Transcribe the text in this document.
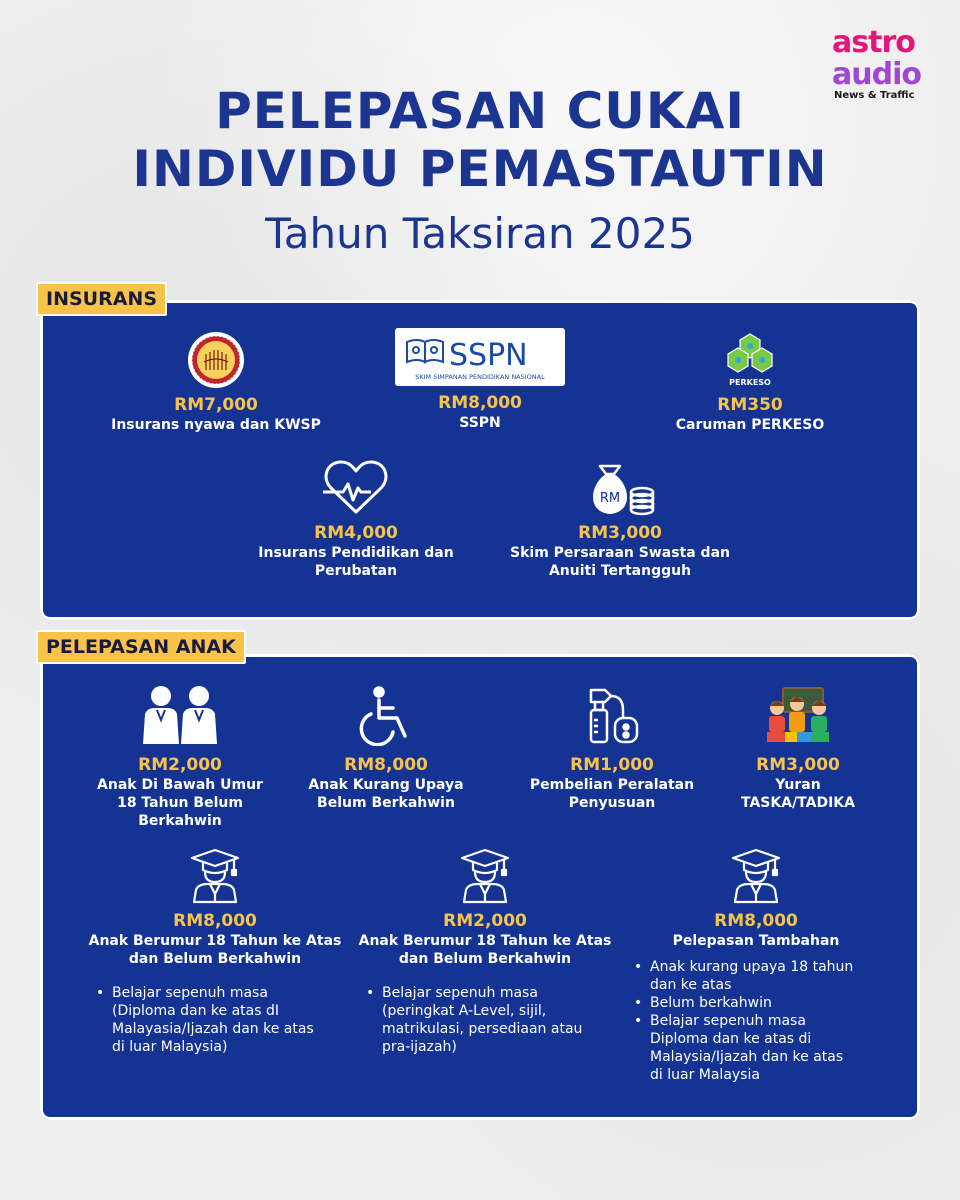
astro
audio
News & Traffic
PELEPASAN CUKAI
INDIVIDU PEMASTAUTIN
Tahun Taksiran 2025
INSURANS
RM7,000
Insurans nyawa dan KWSP
SSPN
SKIM SIMPANAN PENDIDIKAN NASIONAL
RM8,000
SSPN
PERKESO
RM350
Caruman PERKESO
RM4,000
Insurans Pendidikan dan
Perubatan
RM
RM3,000
Skim Persaraan Swasta dan
Anuiti Tertangguh
PELEPASAN ANAK
RM2,000
Anak Di Bawah Umur
18 Tahun Belum
Berkahwin
RM8,000
Anak Kurang Upaya
Belum Berkahwin
RM1,000
Pembelian Peralatan
Penyusuan
RM3,000
Yuran
TASKA/TADIKA
RM8,000
Anak Berumur 18 Tahun ke Atas
dan Belum Berkahwin
• Belajar sepenuh masa
(Diploma dan ke atas dI
Malayasia/Ijazah dan ke atas
di luar Malaysia)
RM2,000
Anak Berumur 18 Tahun ke Atas
dan Belum Berkahwin
• Belajar sepenuh masa
(peringkat A-Level, sijil,
matrikulasi, persediaan atau
pra-ijazah)
RM8,000
Pelepasan Tambahan
• Anak kurang upaya 18 tahun
dan ke atas
• Belum berkahwin
• Belajar sepenuh masa
Diploma dan ke atas di
Malaysia/Ijazah dan ke atas
di luar Malaysia
